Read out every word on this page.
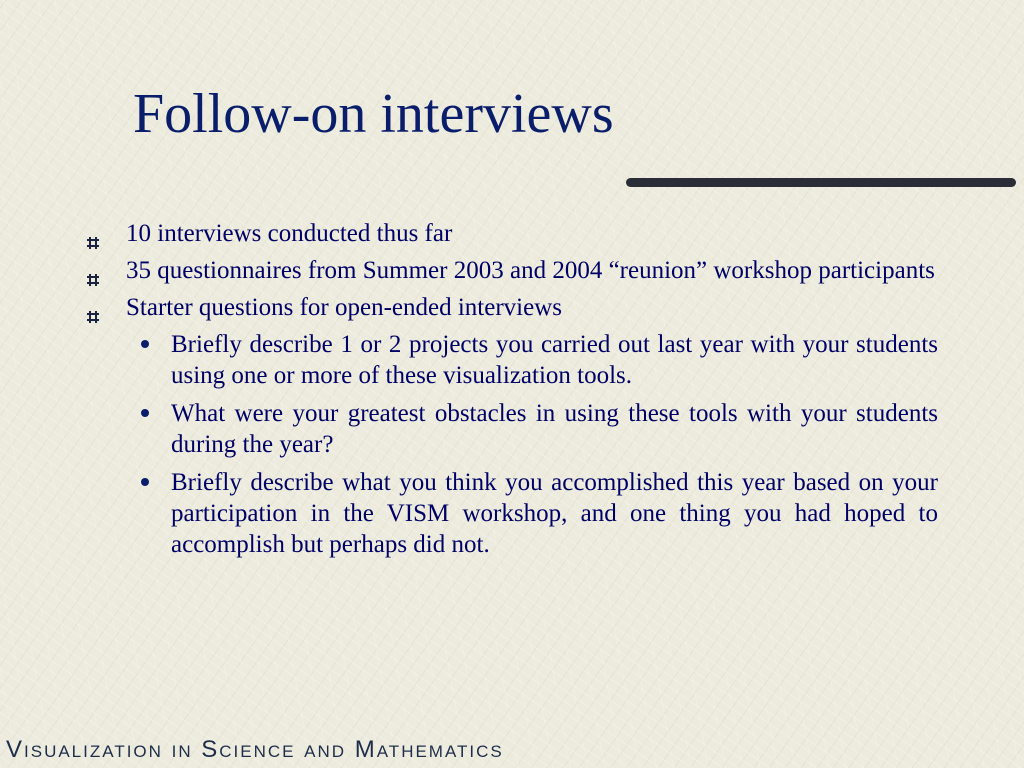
Follow-on interviews
10 interviews conducted thus far
35 questionnaires from Summer 2003 and 2004 “reunion” workshop participants
Starter questions for open-ended interviews
Briefly describe 1 or 2 projects you carried out last year with your students using one or more of these visualization tools.
What were your greatest obstacles in using these tools with your students during the year?
Briefly describe what you think you accomplished this year based on your participation in the VISM workshop, and one thing you had hoped to accomplish but perhaps did not.

Visualization in Science and Mathematics
